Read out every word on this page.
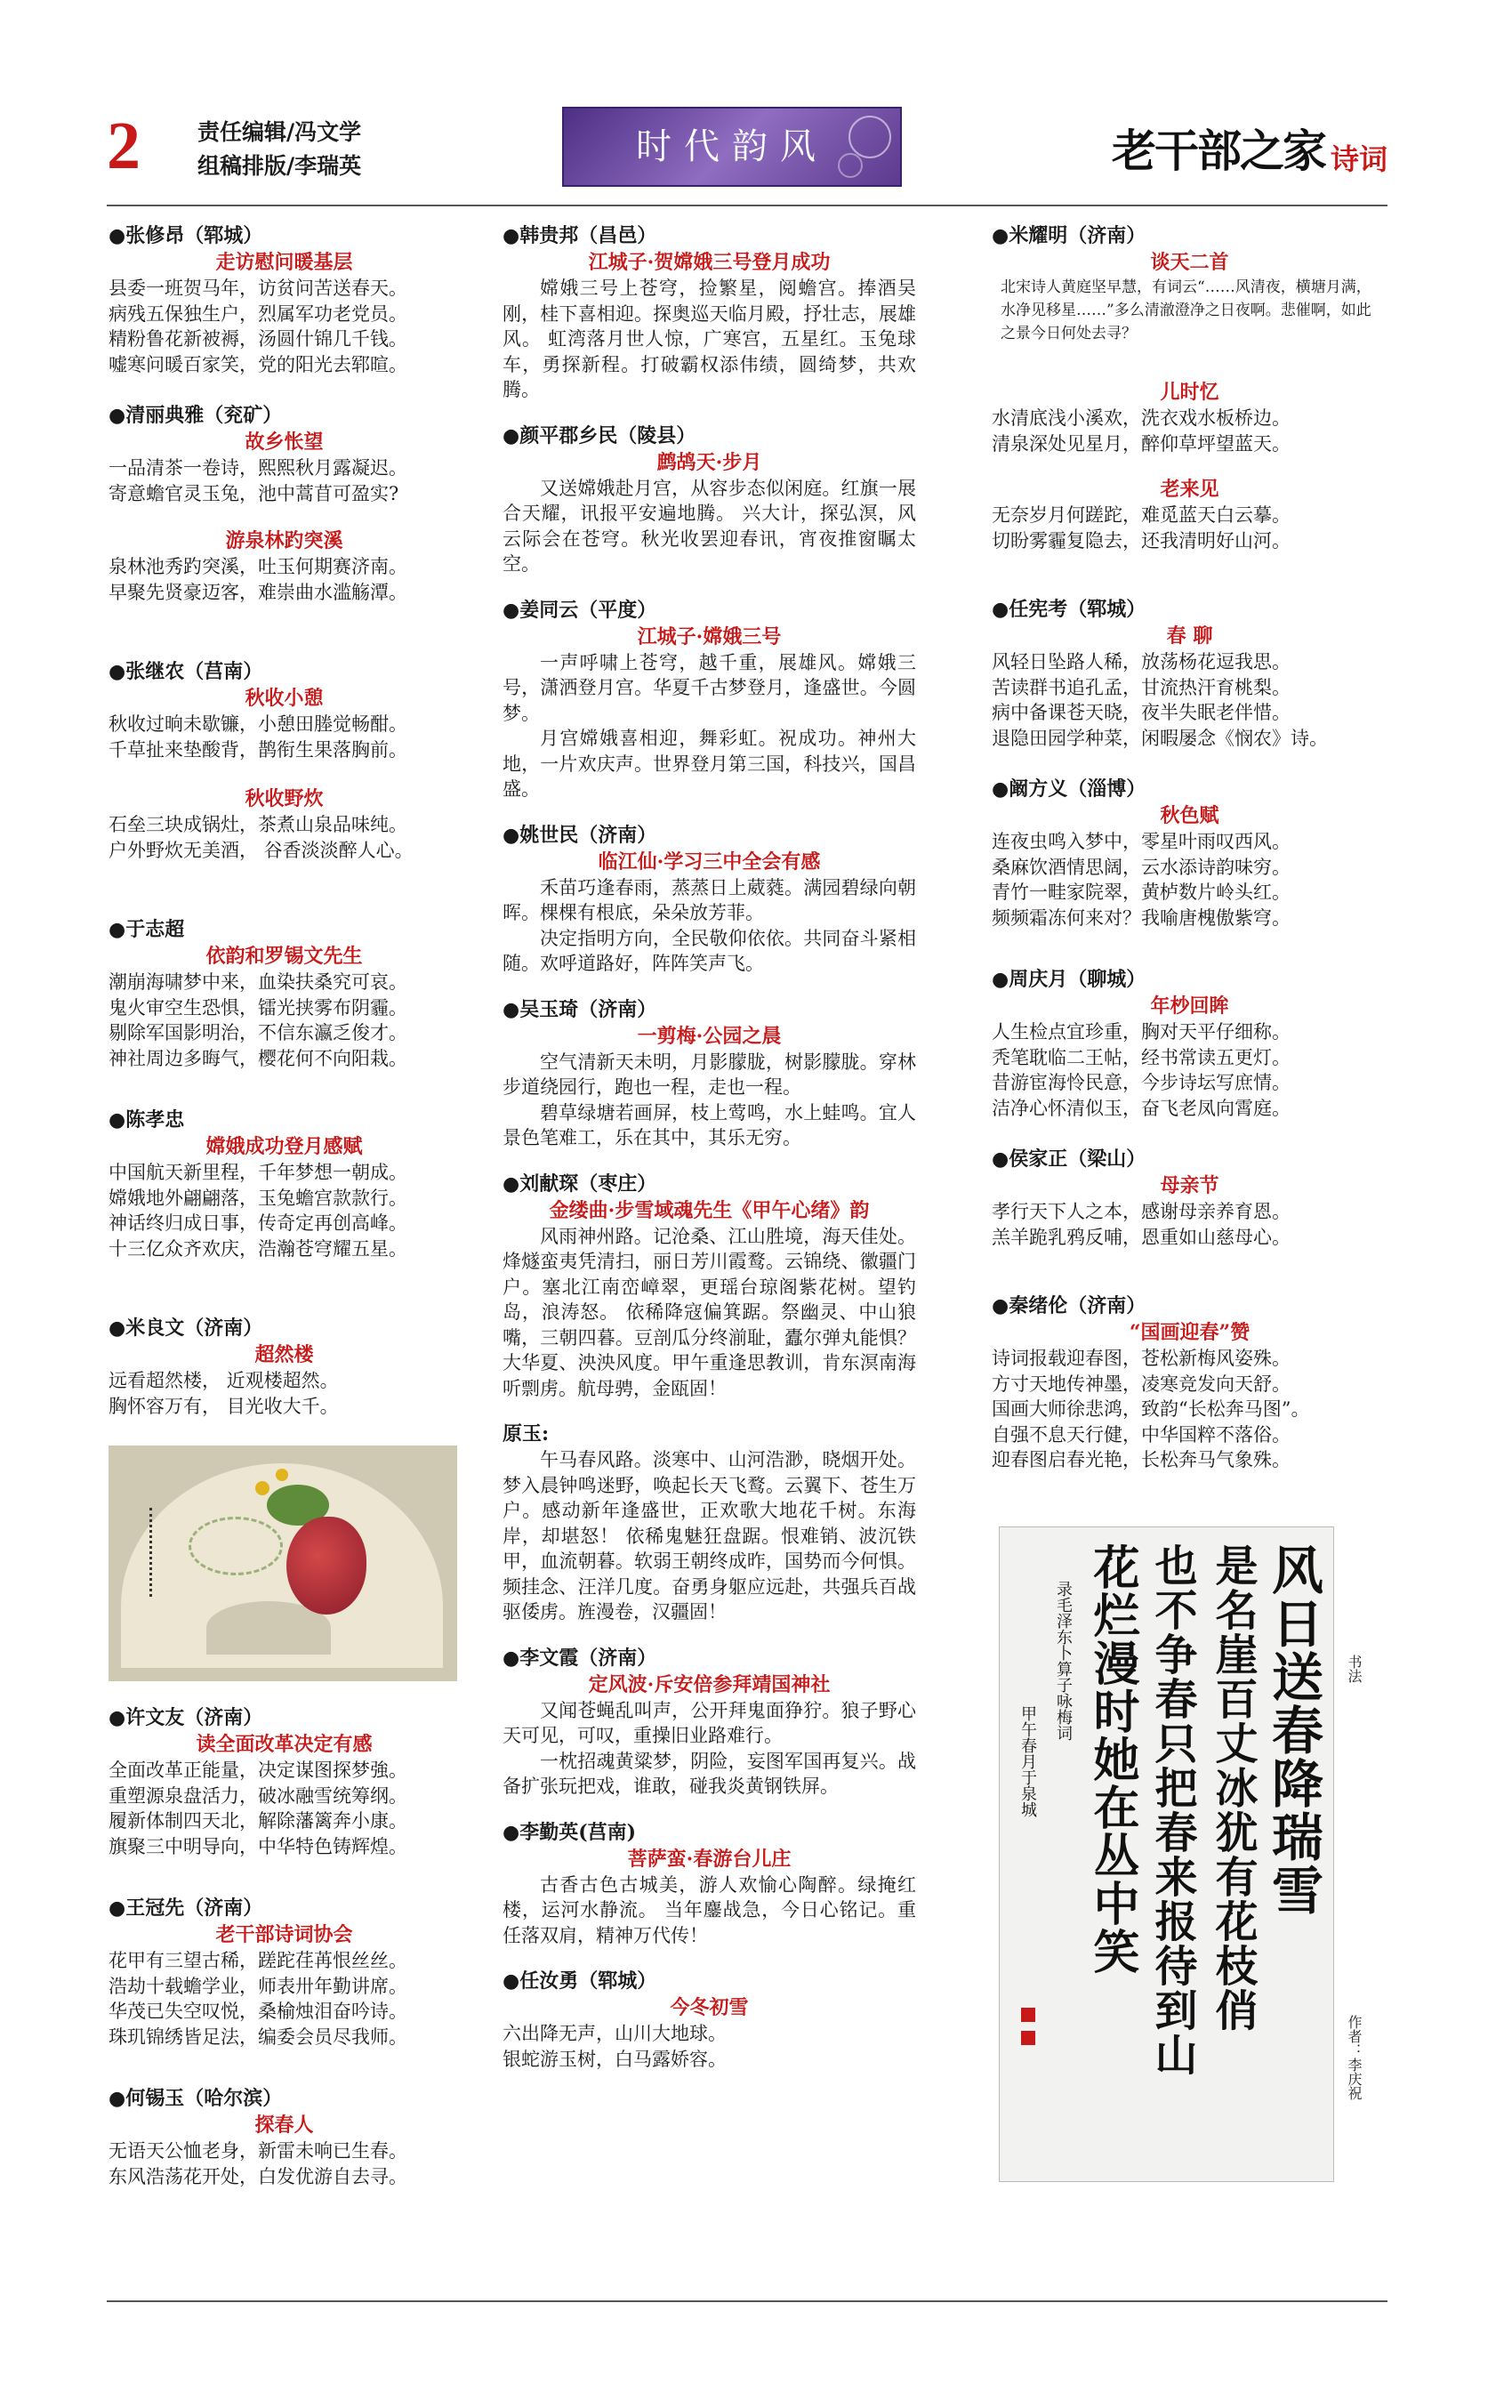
2	责任编辑/冯文学
组稿排版/李瑞英	时代韵风	老干部之家 诗词
●张修昂（郓城）
走访慰问暖基层
县委一班贺马年，访贫问苦送春天。
病残五保独生户，烈属军功老党员。
精粉鲁花新被褥，汤圆什锦几千钱。
嘘寒问暖百家笑，党的阳光去郓暄。
●清丽典雅（兖矿）
故乡怅望
一品清茶一卷诗，熙熙秋月露凝迟。
寄意蟾官灵玉兔，池中蒿苜可盈实?
游泉林趵突溪
泉林池秀趵突溪，吐玉何期赛济南。
早聚先贤豪迈客，难崇曲水滥觞潭。
●张继农（莒南）
秋收小憩
秋收过晌未歇镰，小憩田塍觉畅酣。
千草扯来垫酸背，鹊衔生果落胸前。
秋收野炊
石垒三块成锅灶，茶煮山泉品味纯。
户外野炊无美酒， 谷香淡淡醉人心。
●于志超
依韵和罗锡文先生
潮崩海啸梦中来，血染扶桑究可哀。
鬼火审空生恐惧，镭光挟雾布阴霾。
剔除军国影明治，不信东瀛乏俊才。
神社周边多晦气，樱花何不向阳栽。
●陈孝忠
嫦娥成功登月感赋
中国航天新里程，千年梦想一朝成。
嫦娥地外翩翩落，玉兔蟾宫款款行。
神话终归成日事，传奇定再创高峰。
十三亿众齐欢庆，浩瀚苍穹耀五星。
●米良文（济南）
超然楼
远看超然楼， 近观楼超然。
胸怀容万有， 目光收大千。
●许文友（济南）
读全面改革决定有感
全面改革正能量，决定谋图探梦強。
重塑源泉盘活力，破冰融雪统筹纲。
履新体制四天北，解除藩篱奔小康。
旗聚三中明导向，中华特色铸辉煌。
●王冠先（济南）
老干部诗词协会
花甲有三望古稀，蹉跎荏苒恨丝丝。
浩劫十载蟾学业，师表卅年勤讲席。
华茂已失空叹悦，桑榆烛泪奋吟诗。
珠玑锦绣皆足法，编委会员尽我师。
●何锡玉（哈尔滨）
探春人
无语天公恤老身，新雷未响已生春。
东风浩荡花开处，白发优游自去寻。
●韩贵邦（昌邑）
江城子·贺嫦娥三号登月成功
嫦娥三号上苍穹，捡繁星，阅蟾宫。捧酒吴刚，桂下喜相迎。探奥巡天临月殿，抒壮志，展雄风。 虹湾落月世人惊，广寒宫，五星红。玉兔球车，勇探新程。打破霸权添伟绩，圆绮梦，共欢腾。
●颜平郡乡民（陵县）
鹧鸪天·步月
又送嫦娥赴月宫，从容步态似闲庭。红旗一展合天耀，讯报平安遍地腾。 兴大计，探弘溟，风云际会在苍穹。秋光收罢迎春讯，宵夜推窗瞩太空。
●姜同云（平度）
江城子·嫦娥三号
一声呼啸上苍穹，越千重，展雄风。嫦娥三号，潇洒登月宫。华夏千古梦登月，逢盛世。今圆梦。
月宫嫦娥喜相迎，舞彩虹。祝成功。神州大地，一片欢庆声。世界登月第三国，科技兴，国昌盛。
●姚世民（济南）
临江仙·学习三中全会有感
禾苗巧逢春雨，蒸蒸日上葳蕤。满园碧绿向朝晖。棵棵有根底，朵朵放芳菲。
决定指明方向，全民敬仰依依。共同奋斗紧相随。欢呼道路好，阵阵笑声飞。
●吴玉琦（济南）
一剪梅·公园之晨
空气清新天未明，月影朦胧，树影朦胧。穿林步道绕园行，跑也一程，走也一程。
碧草绿塘若画屏，枝上莺鸣，水上蛙鸣。宜人景色笔难工，乐在其中，其乐无穷。
●刘献琛（枣庄）
金缕曲·步雪域魂先生《甲午心绪》韵
风雨神州路。记沧桑、江山胜境，海天佳处。烽燧蛮夷凭清扫，丽日芳川霞鹜。云锦绕、徽疆门户。塞北江南峦嶂翠，更瑶台琼阁紫花树。望钓岛，浪涛怒。 依稀降寇偏箕踞。祭幽灵、中山狼嘴，三朝四暮。豆剖瓜分终湔耻，蠹尔弹丸能惧？大华夏、泱泱风度。甲午重逢思教训，肯东溟南海听剽虏。航母骋，金瓯固！
原玉:
午马春风路。淡寒中、山河浩渺，晓烟开处。梦入晨钟鸣迷野，唤起长天飞鹜。云翼下、苍生万户。感动新年逢盛世，正欢歌大地花千树。东海岸，却堪怒！ 依稀鬼魅狂盘踞。恨难销、波沉铁甲，血流朝暮。软弱王朝终成昨，国势而今何惧。频挂念、汪洋几度。奋勇身躯应远赴，共强兵百战驱倭虏。旌漫卷，汉疆固！
●李文霞（济南）
定风波·斥安倍参拜靖国神社
又闻苍蝇乱叫声，公开拜鬼面狰狞。狼子野心天可见，可叹，重操旧业路难行。
一枕招魂黄粱梦，阴险，妄图军国再复兴。战备扩张玩把戏，谁敢，碰我炎黄钢铁屏。
●李勤英(莒南)
菩萨蛮·春游台儿庄
古香古色古城美，游人欢愉心陶醉。绿掩红楼，运河水静流。 当年鏖战急，今日心铭记。重任落双肩，精神万代传！
●任汝勇（郓城）
今冬初雪
六出降无声，山川大地球。
银蛇游玉树，白马露娇容。
●米耀明（济南）
谈天二首
北宋诗人黄庭坚早慧，有词云“……风清夜，横塘月满，水净见移星……”多么清澈澄净之日夜啊。悲催啊，如此之景今日何处去寻？
儿时忆
水清底浅小溪欢，洗衣戏水板桥边。
清泉深处见星月，醉仰草坪望蓝天。
老来见
无奈岁月何蹉跎，难觅蓝天白云摹。
切盼雾霾复隐去，还我清明好山河。
●任宪考（郓城）
春 聊
风轻日坠路人稀，放荡杨花逗我思。
苦读群书追孔孟，甘流热汗育桃梨。
病中备课苍天晓，夜半失眠老伴惜。
退隐田园学种菜，闲暇屡念《悯农》诗。
●阚方义（淄博）
秋色赋
连夜虫鸣入梦中，零星叶雨叹西风。
桑麻饮酒情思阔，云水添诗韵味穷。
青竹一畦家院翠，黄栌数片岭头红。
频频霜冻何来对？我喻唐槐傲紫穹。
●周庆月（聊城）
年杪回眸
人生检点宜珍重，胸对天平仔细称。
秃笔耽临二王帖，经书常读五更灯。
昔游宦海怜民意，今步诗坛写庶情。
洁净心怀清似玉，奋飞老凤向霄庭。
●侯家正（梁山）
母亲节
孝行天下人之本，感谢母亲养育恩。
羔羊跪乳鸦反哺，恩重如山慈母心。
●秦绪伦（济南）
“国画迎春”赞
诗词报载迎春图，苍松新梅风姿殊。
方寸天地传神墨，凌寒竞发向天舒。
国画大师徐悲鸿，致韵“长松奔马图”。
自强不息天行健，中华国粹不落俗。
迎春图启春光艳，长松奔马气象殊。
风日送春降瑞雪
是名崖百丈冰犹有花枝俏
也不争春只把春来报待到山
花烂漫时她在丛中笑
录毛泽东卜算子咏梅词
甲午春月于泉城
书法
作者：李庆祝
